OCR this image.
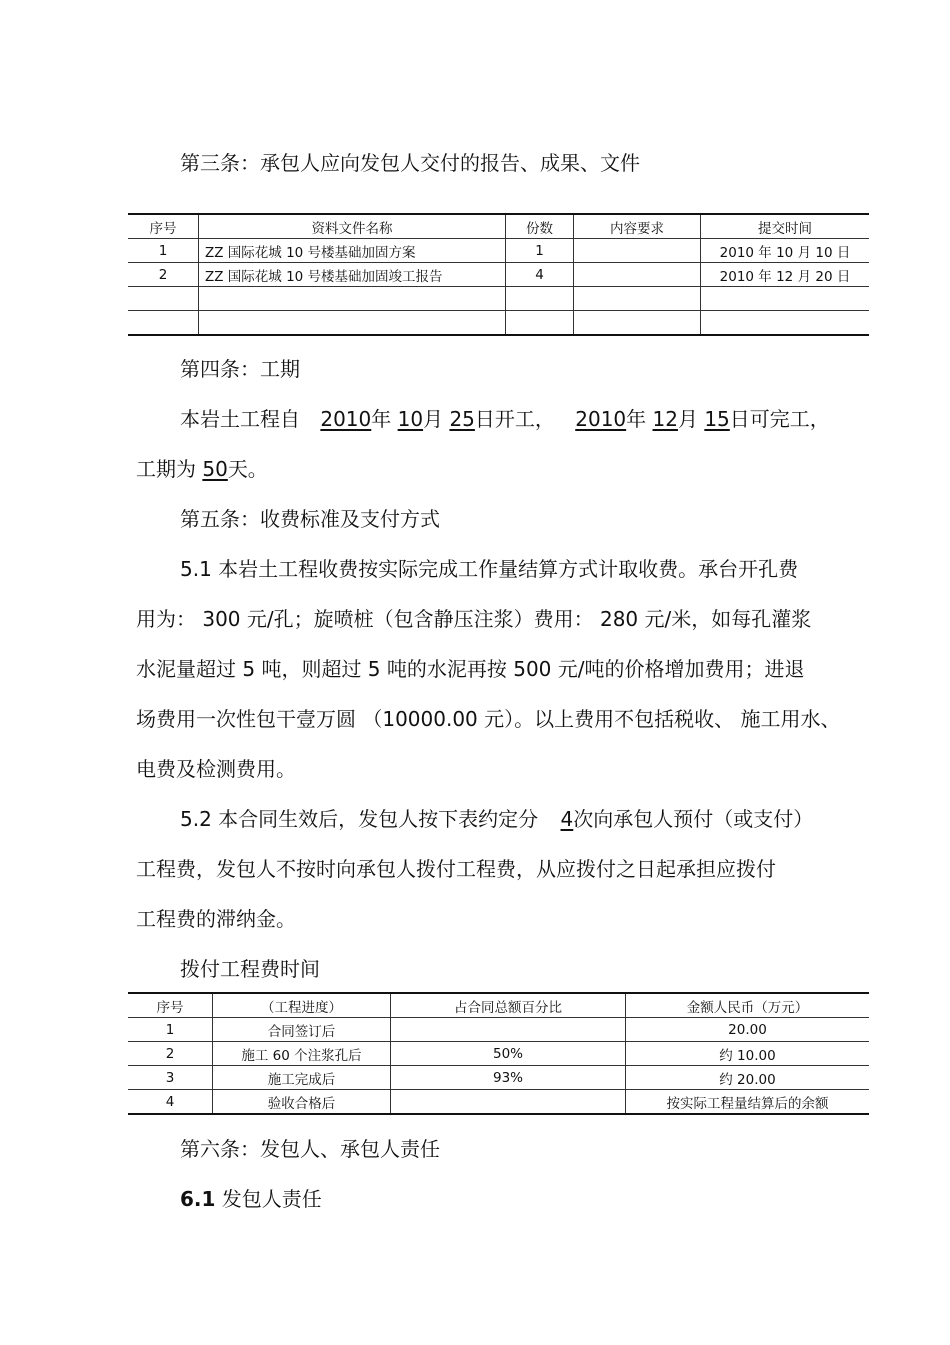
第三条：承包人应向发包人交付的报告、成果、文件
序号	资料文件名称	份数	内容要求	提交时间
1	ZZ 国际花城 10 号楼基础加固方案	1		2010 年 10 月 10 日
2	ZZ 国际花城 10 号楼基础加固竣工报告	4		2010 年 12 月 20 日

第四条：工期
本岩土工程自 2010年 10月 25日开工， 2010年 12月 15日可完工，
工期为 50天。
第五条：收费标准及支付方式
5.1 本岩土工程收费按实际完成工作量结算方式计取收费。承台开孔费
用为： 300 元/孔；旋喷桩（包含静压注浆）费用： 280 元/米，如每孔灌浆
水泥量超过 5 吨，则超过 5 吨的水泥再按 500 元/吨的价格增加费用；进退
场费用一次性包干壹万圆 （10000.00 元）。以上费用不包括税收、 施工用水、
电费及检测费用。
5.2 本合同生效后，发包人按下表约定分 4次向承包人预付（或支付）
工程费，发包人不按时向承包人拨付工程费，从应拨付之日起承担应拨付
工程费的滞纳金。
拨付工程费时间
序号	（工程进度）	占合同总额百分比	金额人民币（万元）
1	合同签订后		20.00
2	施工 60 个注浆孔后	50%	约 10.00
3	施工完成后	93%	约 20.00
4	验收合格后		按实际工程量结算后的余额
第六条：发包人、承包人责任
6.1 发包人责任
